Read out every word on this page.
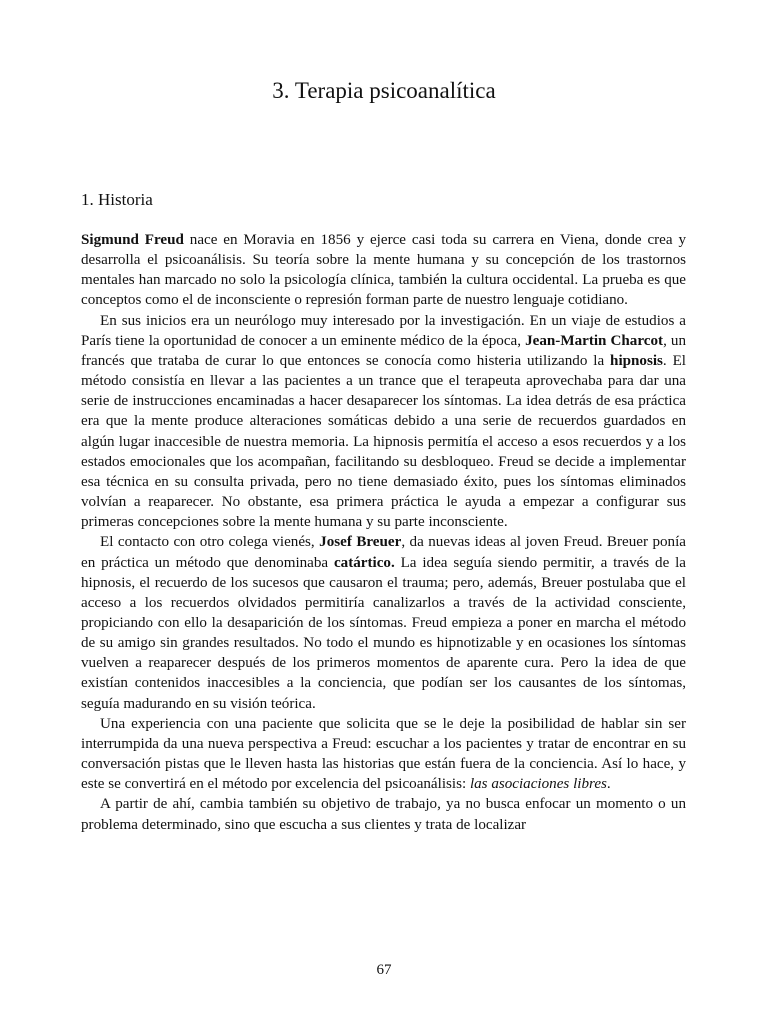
3. Terapia psicoanalítica
1. Historia

Sigmund Freud nace en Moravia en 1856 y ejerce casi toda su carrera en Viena, donde crea y desarrolla el psicoanálisis. Su teoría sobre la mente humana y su concepción de los trastornos mentales han marcado no solo la psicología clínica, también la cultura occidental. La prueba es que conceptos como el de inconsciente o represión forman parte de nuestro lenguaje cotidiano.

En sus inicios era un neurólogo muy interesado por la investigación. En un viaje de estudios a París tiene la oportunidad de conocer a un eminente médico de la época, Jean-Martin Charcot, un francés que trataba de curar lo que entonces se conocía como histeria utilizando la hipnosis. El método consistía en llevar a las pacientes a un trance que el terapeuta aprovechaba para dar una serie de instrucciones encaminadas a hacer desaparecer los síntomas. La idea detrás de esa práctica era que la mente produce alteraciones somáticas debido a una serie de recuerdos guardados en algún lugar inaccesible de nuestra memoria. La hipnosis permitía el acceso a esos recuerdos y a los estados emocionales que los acompañan, facilitando su desbloqueo. Freud se decide a implementar esa técnica en su consulta privada, pero no tiene demasiado éxito, pues los síntomas eliminados volvían a reaparecer. No obstante, esa primera práctica le ayuda a empezar a configurar sus primeras concepciones sobre la mente humana y su parte inconsciente.

El contacto con otro colega vienés, Josef Breuer, da nuevas ideas al joven Freud. Breuer ponía en práctica un método que denominaba catártico. La idea seguía siendo permitir, a través de la hipnosis, el recuerdo de los sucesos que causaron el trauma; pero, además, Breuer postulaba que el acceso a los recuerdos olvidados permitiría canalizarlos a través de la actividad consciente, propiciando con ello la desaparición de los síntomas. Freud empieza a poner en marcha el método de su amigo sin grandes resultados. No todo el mundo es hipnotizable y en ocasiones los síntomas vuelven a reaparecer después de los primeros momentos de aparente cura. Pero la idea de que existían contenidos inaccesibles a la conciencia, que podían ser los causantes de los síntomas, seguía madurando en su visión teórica.

Una experiencia con una paciente que solicita que se le deje la posibilidad de hablar sin ser interrumpida da una nueva perspectiva a Freud: escuchar a los pacientes y tratar de encontrar en su conversación pistas que le lleven hasta las historias que están fuera de la conciencia. Así lo hace, y este se convertirá en el método por excelencia del psicoanálisis: las asociaciones libres.

A partir de ahí, cambia también su objetivo de trabajo, ya no busca enfocar un momento o un problema determinado, sino que escucha a sus clientes y trata de localizar

67
